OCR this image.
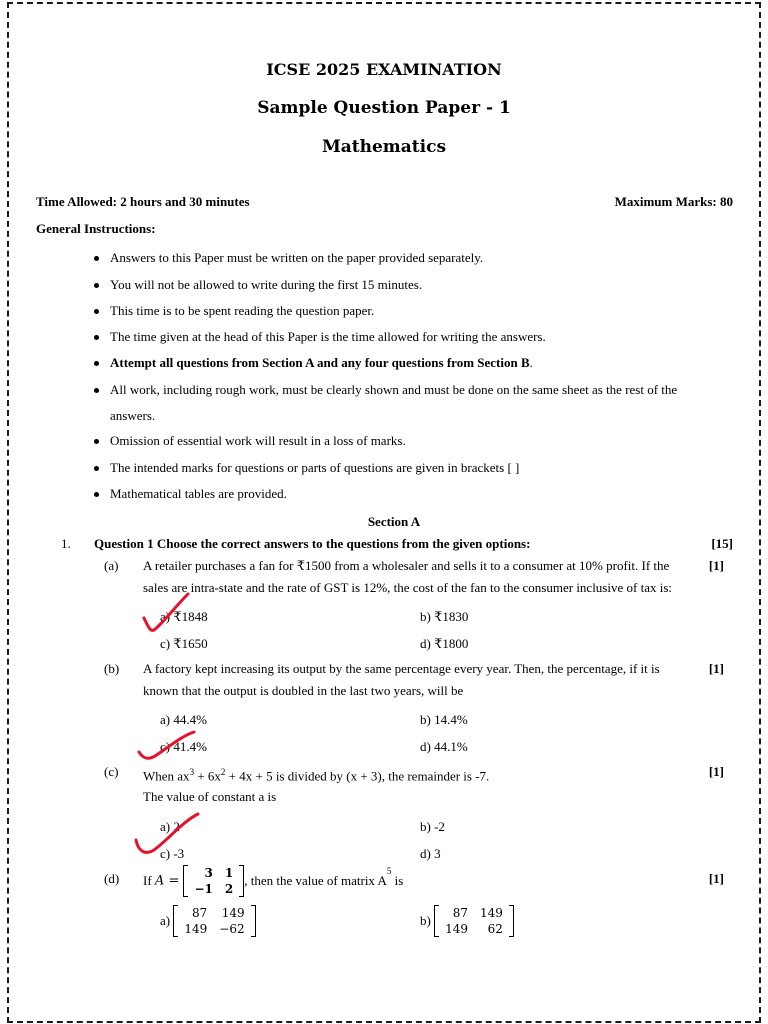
ICSE 2025 EXAMINATION
Sample Question Paper - 1
Mathematics
Time Allowed: 2 hours and 30 minutes	Maximum Marks: 80
General Instructions:
Answers to this Paper must be written on the paper provided separately.
You will not be allowed to write during the first 15 minutes.
This time is to be spent reading the question paper.
The time given at the head of this Paper is the time allowed for writing the answers.
Attempt all questions from Section A and any four questions from Section B.
All work, including rough work, must be clearly shown and must be done on the same sheet as the rest of the
answers.
Omission of essential work will result in a loss of marks.
The intended marks for questions or parts of questions are given in brackets [ ]
Mathematical tables are provided.
Section A
1. Question 1 Choose the correct answers to the questions from the given options:	[15]
(a) A retailer purchases a fan for ₹1500 from a wholesaler and sells it to a consumer at 10% profit. If the	[1]
sales are intra-state and the rate of GST is 12%, the cost of the fan to the consumer inclusive of tax is:
a) ₹1848	b) ₹1830
c) ₹1650	d) ₹1800
(b) A factory kept increasing its output by the same percentage every year. Then, the percentage, if it is	[1]
known that the output is doubled in the last two years, will be
a) 44.4%	b) 14.4%
c) 41.4%	d) 44.1%
(c) When $ax^3 + 6x^2 + 4x + 5$ is divided by (x + 3), the remainder is -7.	[1]
The value of constant a is
a) 2	b) -2
c) -3	d) 3
(d)	[1]
If A =
3	1
−1	2
, then the value of matrix $A^5$ is
a) 87	149
149	−62
b) 87	149
149	62
